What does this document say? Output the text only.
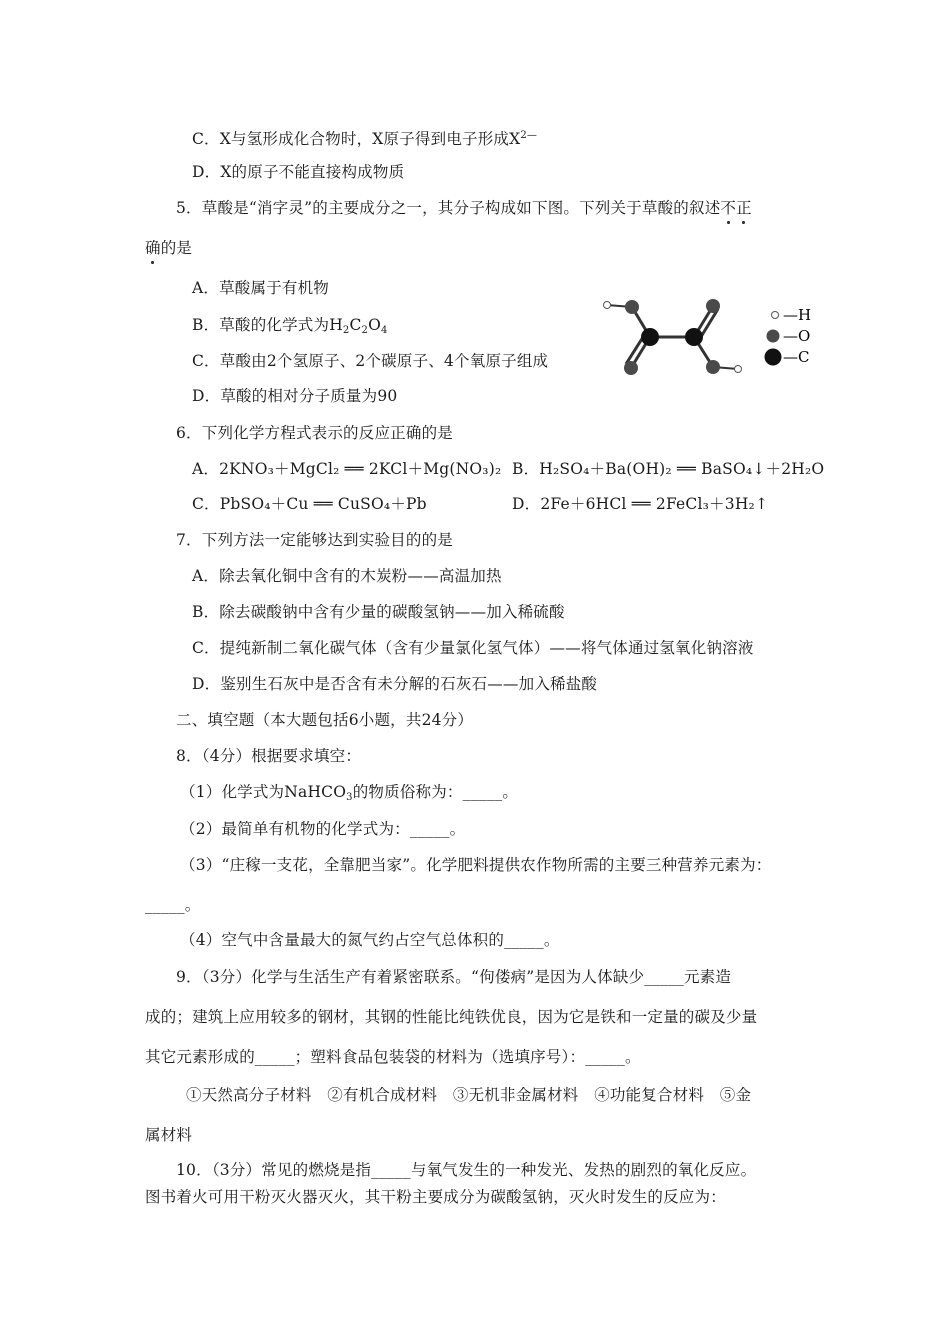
C．X与氢形成化合物时，X原子得到电子形成$X^{2—}$
D．X的原子不能直接构成物质
5．草酸是“消字灵”的主要成分之一，其分子构成如下图。下列关于草酸的叙述不正
确的是
A．草酸属于有机物
B．草酸的化学式为$H_2C_2O_4$
C．草酸由2个氢原子、2个碳原子、4个氧原子组成
D．草酸的相对分子质量为90
—H
—O
—C
6．下列化学方程式表示的反应正确的是
A．2KNO₃＋MgCl₂ ══ 2KCl＋Mg(NO₃)₂ B．H₂SO₄＋Ba(OH)₂ ══ BaSO₄↓＋2H₂O
C．PbSO₄＋Cu ══ CuSO₄＋Pb	D．2Fe＋6HCl ══ 2FeCl₃＋3H₂↑
7．下列方法一定能够达到实验目的的是
A．除去氧化铜中含有的木炭粉——高温加热
B．除去碳酸钠中含有少量的碳酸氢钠——加入稀硫酸
C．提纯新制二氧化碳气体（含有少量氯化氢气体）——将气体通过氢氧化钠溶液
D．鉴别生石灰中是否含有未分解的石灰石——加入稀盐酸
二、填空题（本大题包括6小题，共24分）
8．（4分）根据要求填空：
（1）化学式为NaHCO$_3$的物质俗称为：_____。
（2）最简单有机物的化学式为：_____。
（3）“庄稼一支花，全靠肥当家”。化学肥料提供农作物所需的主要三种营养元素为：
_____。
（4）空气中含量最大的氮气约占空气总体积的_____。
9．（3分）化学与生活生产有着紧密联系。“佝偻病”是因为人体缺少_____元素造
成的；建筑上应用较多的钢材，其钢的性能比纯铁优良，因为它是铁和一定量的碳及少量
其它元素形成的_____；塑料食品包装袋的材料为（选填序号）：_____。
①天然高分子材料　②有机合成材料　③无机非金属材料　④功能复合材料　⑤金
属材料
10．（3分）常见的燃烧是指_____与氧气发生的一种发光、发热的剧烈的氧化反应。
图书着火可用干粉灭火器灭火，其干粉主要成分为碳酸氢钠，灭火时发生的反应为：
